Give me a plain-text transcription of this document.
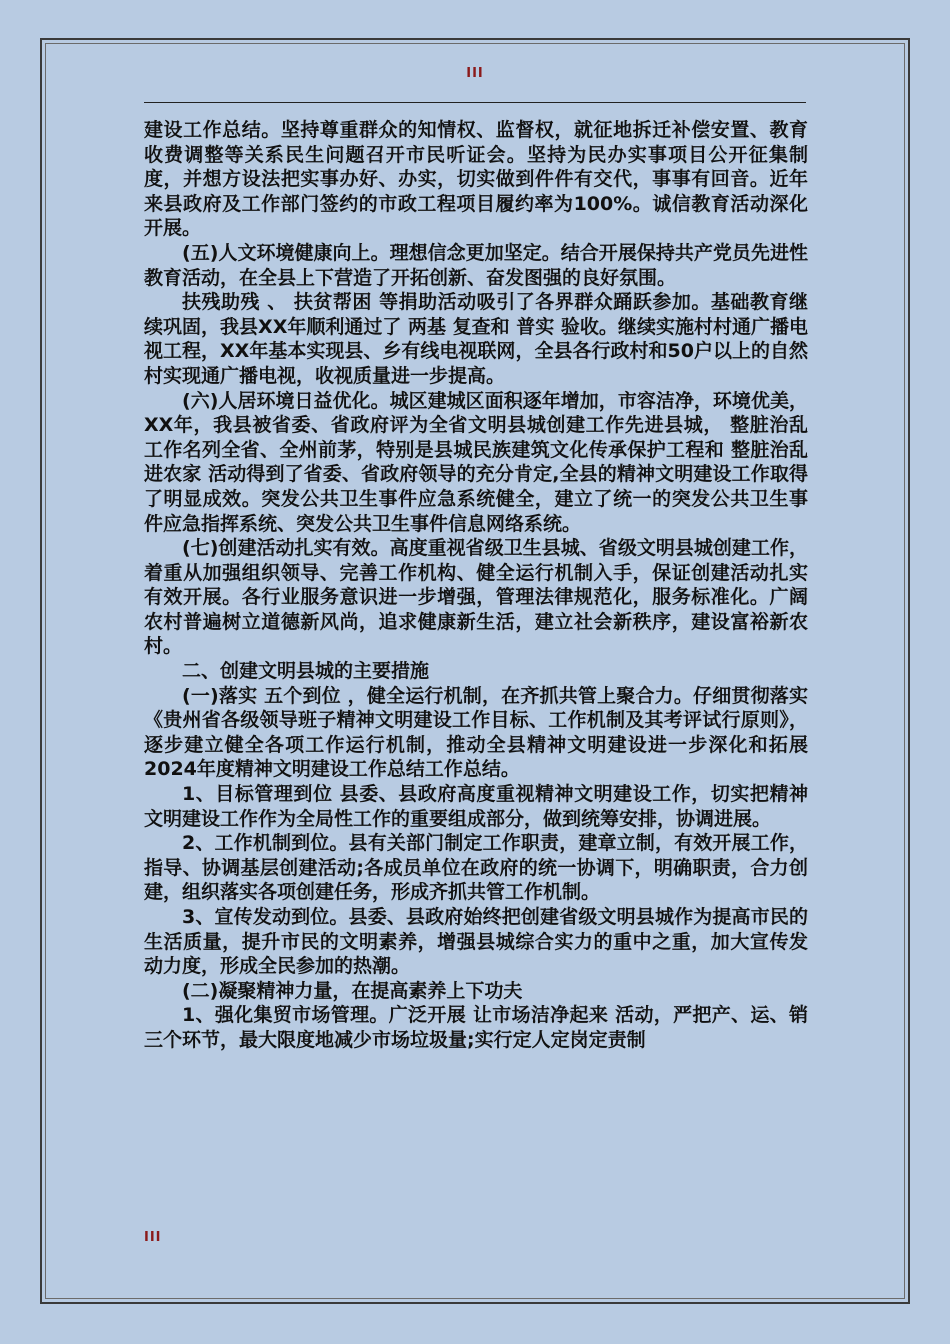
III

建设工作总结。坚持尊重群众的知情权、监督权，就征地拆迁补偿安置、教育收费调整等关系民生问题召开市民听证会。坚持为民办实事项目公开征集制度，并想方设法把实事办好、办实，切实做到件件有交代，事事有回音。近年来县政府及工作部门签约的市政工程项目履约率为100%。诚信教育活动深化开展。

(五)人文环境健康向上。理想信念更加坚定。结合开展保持共产党员先进性教育活动，在全县上下营造了开拓创新、奋发图强的良好氛围。

扶残助残 、 扶贫帮困 等捐助活动吸引了各界群众踊跃参加。基础教育继续巩固，我县XX年顺利通过了 两基 复查和 普实 验收。继续实施村村通广播电视工程，XX年基本实现县、乡有线电视联网，全县各行政村和50户以上的自然村实现通广播电视，收视质量进一步提高。

(六)人居环境日益优化。城区建城区面积逐年增加，市容洁净，环境优美，XX年，我县被省委、省政府评为全省文明县城创建工作先进县城， 整脏治乱 工作名列全省、全州前茅，特别是县城民族建筑文化传承保护工程和 整脏治乱进农家 活动得到了省委、省政府领导的充分肯定,全县的精神文明建设工作取得了明显成效。突发公共卫生事件应急系统健全，建立了统一的突发公共卫生事件应急指挥系统、突发公共卫生事件信息网络系统。

(七)创建活动扎实有效。高度重视省级卫生县城、省级文明县城创建工作，着重从加强组织领导、完善工作机构、健全运行机制入手，保证创建活动扎实有效开展。各行业服务意识进一步增强，管理法律规范化，服务标准化。广阔农村普遍树立道德新风尚，追求健康新生活，建立社会新秩序，建设富裕新农村。

二、创建文明县城的主要措施

(一)落实 五个到位 ，健全运行机制，在齐抓共管上聚合力。仔细贯彻落实《贵州省各级领导班子精神文明建设工作目标、工作机制及其考评试行原则》，逐步建立健全各项工作运行机制，推动全县精神文明建设进一步深化和拓展2024年度精神文明建设工作总结工作总结。

1、目标管理到位 县委、县政府高度重视精神文明建设工作，切实把精神文明建设工作作为全局性工作的重要组成部分，做到统筹安排，协调进展。

2、工作机制到位。县有关部门制定工作职责，建章立制，有效开展工作，指导、协调基层创建活动;各成员单位在政府的统一协调下，明确职责，合力创建，组织落实各项创建任务，形成齐抓共管工作机制。

3、宣传发动到位。县委、县政府始终把创建省级文明县城作为提高市民的生活质量，提升市民的文明素养，增强县城综合实力的重中之重，加大宣传发动力度，形成全民参加的热潮。

(二)凝聚精神力量，在提高素养上下功夫

1、强化集贸市场管理。广泛开展 让市场洁净起来 活动，严把产、运、销三个环节，最大限度地减少市场垃圾量;实行定人定岗定责制

III
